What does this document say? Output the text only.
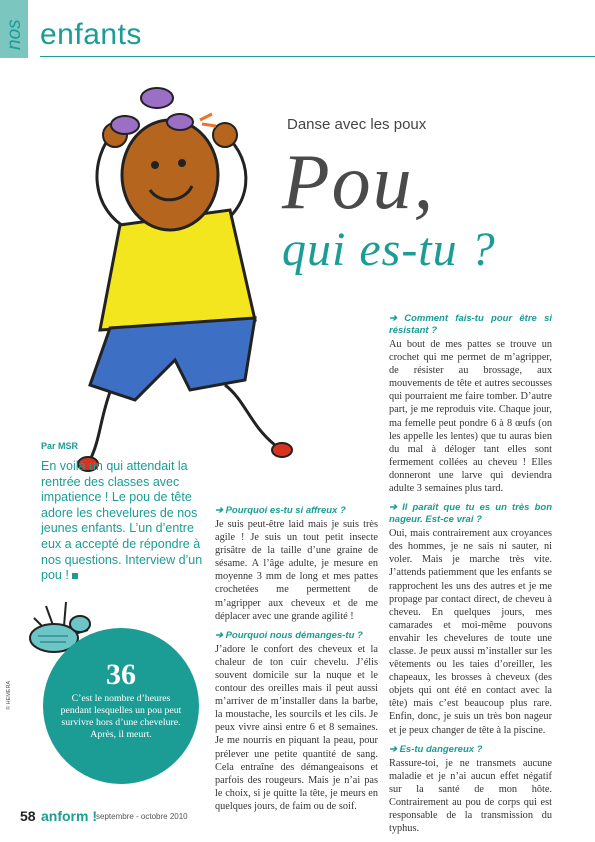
nos enfants
Danse avec les poux
Pou,
qui es-tu ?
Par MSR
En voilà un qui attendait la rentrée des classes avec impatience ! Le pou de tête adore les chevelures de nos jeunes enfants. L’un d’entre eux a accepté de répondre à nos questions. Interview d’un pou !
➔ Pourquoi es-tu si affreux ?

Je suis peut-être laid mais je suis très agile ! Je suis un tout petit insecte grisâtre de la taille d’une graine de sésame. A l’âge adulte, je mesure en moyenne 3 mm de long et mes pattes crochetées me permettent de m’agripper aux cheveux et de me déplacer avec une grande agilité !

➔ Pourquoi nous démanges-tu ?

J’adore le confort des cheveux et la chaleur de ton cuir chevelu. J’élis souvent domicile sur la nuque et le contour des oreilles mais il peut aussi m’arriver de m’installer dans la barbe, la moustache, les sourcils et les cils. Je peux vivre ainsi entre 6 et 8 semaines. Je me nourris en piquant la peau, pour prélever une petite quantité de sang. Cela entraîne des démangeaisons et parfois des rougeurs. Mais je n’ai pas le choix, si je quitte la tête, je meurs en quelques jours, de faim ou de soif.

➔ Comment fais-tu pour être si résistant ?

Au bout de mes pattes se trouve un crochet qui me permet de m’agripper, de résister au brossage, aux mouvements de tête et autres secousses qui pourraient me faire tomber. D’autre part, je me reproduis vite. Chaque jour, ma femelle peut pondre 6 à 8 œufs (on les appelle les lentes) que tu auras bien du mal à déloger tant elles sont fermement collées au cheveu ! Elles donneront une larve qui deviendra adulte 3 semaines plus tard.

➔ Il paraît que tu es un très bon nageur. Est-ce vrai ?

Oui, mais contrairement aux croyances des hommes, je ne sais ni sauter, ni voler. Mais je marche très vite. J’attends patiemment que les enfants se rapprochent les uns des autres et je me propage par contact direct, de cheveu à cheveu. En quelques jours, mes camarades et moi-même pouvons envahir les chevelures de toute une classe. Je peux aussi m’installer sur les vêtements ou les taies d’oreiller, les chapeaux, les brosses à cheveux (des objets qui ont été en contact avec la tête) mais c’est beaucoup plus rare. Enfin, donc, je suis un très bon nageur et je peux changer de tête à la piscine.

➔ Es-tu dangereux ?

Rassure-toi, je ne transmets aucune maladie et je n’ai aucun effet négatif sur la santé de mon hôte. Contrairement au pou de corps qui est responsable de la transmission du typhus.

36
C’est le nombre d’heures pendant lesquelles un pou peut survivre hors d’une chevelure. Après, il meurt.
© HEMERA
58 anform ! septembre - octobre 2010
